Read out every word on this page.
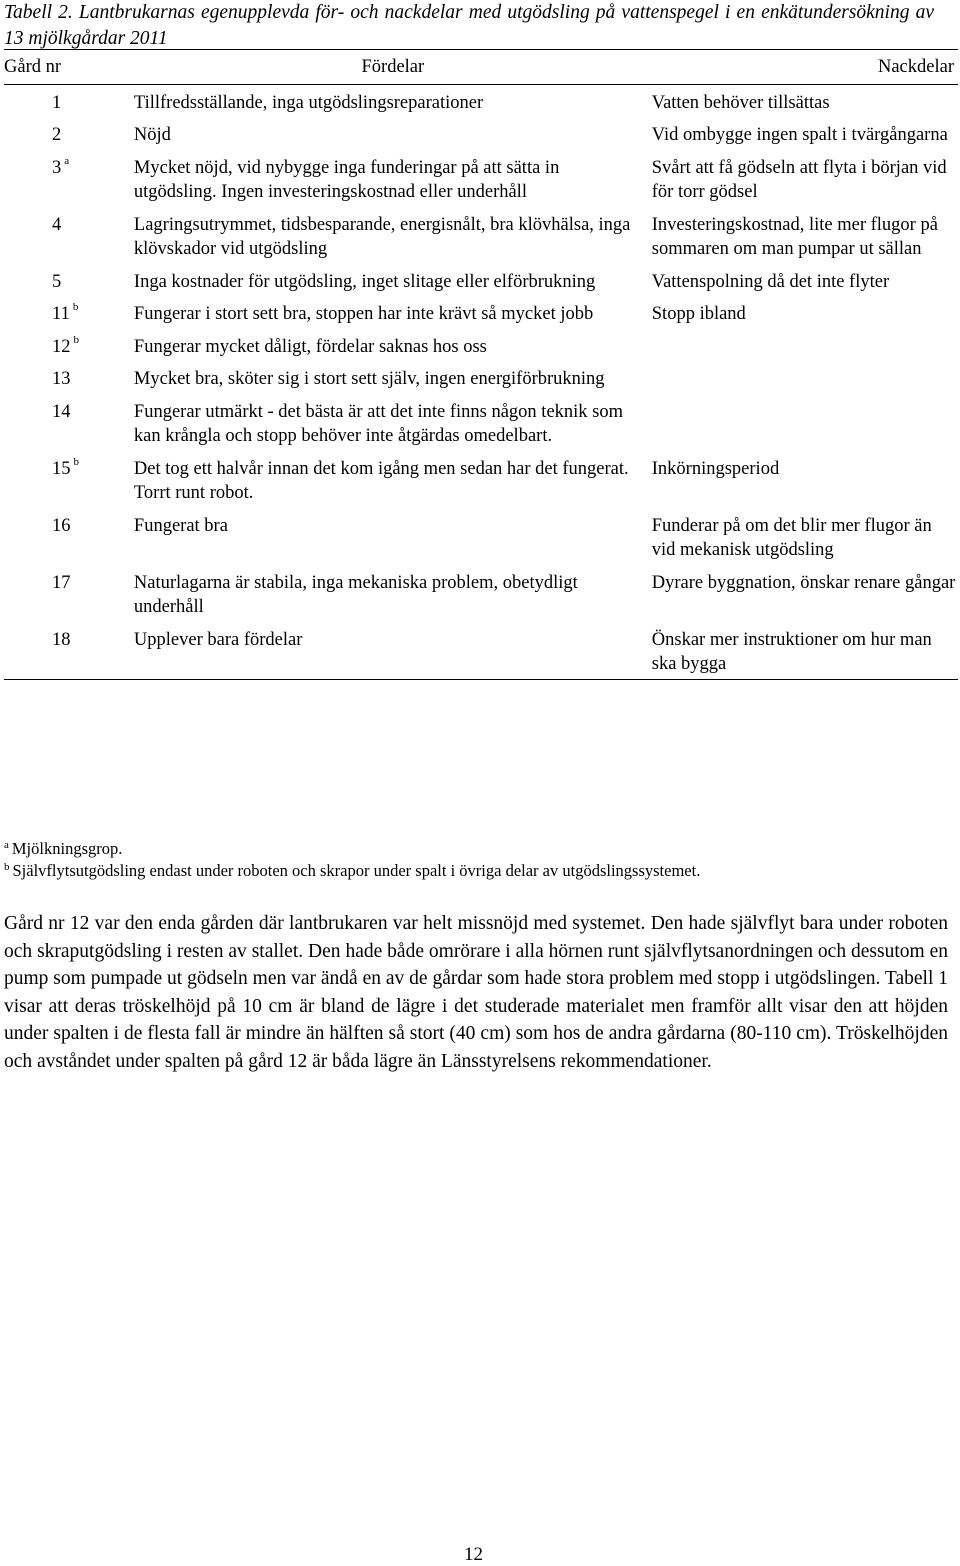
Tabell 2. Lantbrukarnas egenupplevda för- och nackdelar med utgödsling på vattenspegel i en enkätundersökning av 13 mjölkgårdar 2011
Gård nr	Fördelar	Nackdelar
1	Tillfredsställande, inga utgödslingsreparationer	Vatten behöver tillsättas
2	Nöjd	Vid ombygge ingen spalt i tvärgångarna
3 $^a$	Mycket nöjd, vid nybygge inga funderingar på att sätta in utgödsling. Ingen investeringskostnad eller underhåll	Svårt att få gödseln att flyta i början vid för torr gödsel
4	Lagringsutrymmet, tidsbesparande, energisnålt, bra klövhälsa, inga klövskador vid utgödsling	Investeringskostnad, lite mer flugor på sommaren om man pumpar ut sällan
5	Inga kostnader för utgödsling, inget slitage eller elförbrukning	Vattenspolning då det inte flyter
11 $^b$	Fungerar i stort sett bra, stoppen har inte krävt så mycket jobb	Stopp ibland
12 $^b$	Fungerar mycket dåligt, fördelar saknas hos oss	
13	Mycket bra, sköter sig i stort sett själv, ingen energiförbrukning	
14	Fungerar utmärkt - det bästa är att det inte finns någon teknik som kan krångla och stopp behöver inte åtgärdas omedelbart.	
15 $^b$	Det tog ett halvår innan det kom igång men sedan har det fungerat. Torrt runt robot.	Inkörningsperiod
16	Fungerat bra	Funderar på om det blir mer flugor än vid mekanisk utgödsling
17	Naturlagarna är stabila, inga mekaniska problem, obetydligt underhåll	Dyrare byggnation, önskar renare gångar
18	Upplever bara fördelar	Önskar mer instruktioner om hur man ska bygga
$^a$ Mjölkningsgrop.
$^b$ Självflytsutgödsling endast under roboten och skrapor under spalt i övriga delar av utgödslingssystemet.
Gård nr 12 var den enda gården där lantbrukaren var helt missnöjd med systemet. Den hade självflyt bara under roboten och skraputgödsling i resten av stallet. Den hade både omrörare i alla hörnen runt självflytsanordningen och dessutom en pump som pumpade ut gödseln men var ändå en av de gårdar som hade stora problem med stopp i utgödslingen. Tabell 1 visar att deras tröskelhöjd på 10 cm är bland de lägre i det studerade materialet men framför allt visar den att höjden under spalten i de flesta fall är mindre än hälften så stort (40 cm) som hos de andra gårdarna (80-110 cm). Tröskelhöjden och avståndet under spalten på gård 12 är båda lägre än Länsstyrelsens rekommendationer.
12
